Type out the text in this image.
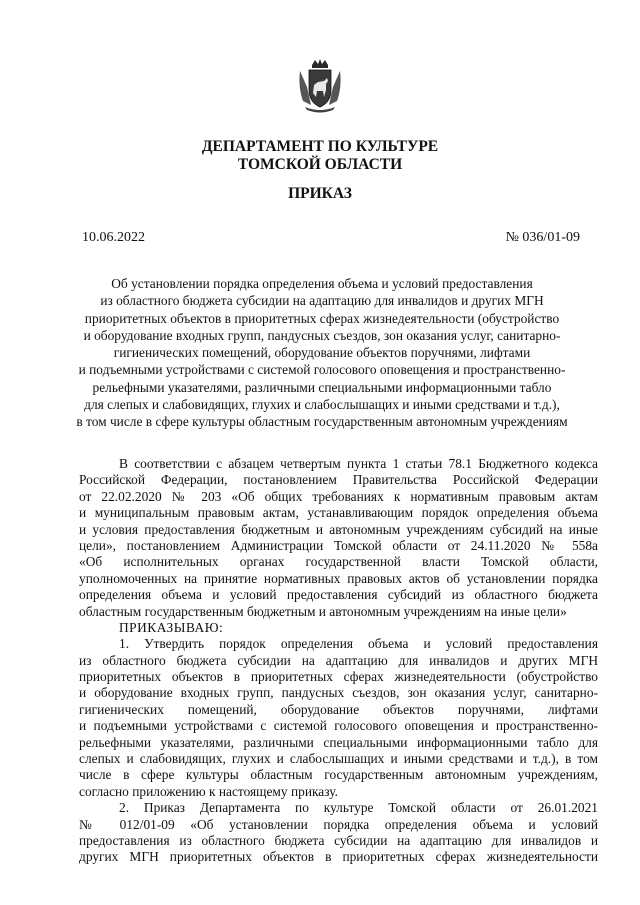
ДЕПАРТАМЕНТ ПО КУЛЬТУРЕ
ТОМСКОЙ ОБЛАСТИ
ПРИКАЗ
10.06.2022	№ 036/01-09
Об установлении порядка определения объема и условий предоставления
из областного бюджета субсидии на адаптацию для инвалидов и других МГН
приоритетных объектов в приоритетных сферах жизнедеятельности (обустройство
и оборудование входных групп, пандусных съездов, зон оказания услуг, санитарно-
гигиенических помещений, оборудование объектов поручнями, лифтами
и подъемными устройствами с системой голосового оповещения и пространственно-
рельефными указателями, различными специальными информационными табло
для слепых и слабовидящих, глухих и слабослышащих и иными средствами и т.д.),
в том числе в сфере культуры областным государственным автономным учреждениям
В соответствии с абзацем четвертым пункта 1 статьи 78.1 Бюджетного кодекса
Российской Федерации, постановлением Правительства Российской Федерации
от 22.02.2020 № 203 «Об общих требованиях к нормативным правовым актам
и муниципальным правовым актам, устанавливающим порядок определения объема
и условия предоставления бюджетным и автономным учреждениям субсидий на иные
цели», постановлением Администрации Томской области от 24.11.2020 № 558а
«Об исполнительных органах государственной власти Томской области,
уполномоченных на принятие нормативных правовых актов об установлении порядка
определения объема и условий предоставления субсидий из областного бюджета
областным государственным бюджетным и автономным учреждениям на иные цели»
ПРИКАЗЫВАЮ:
1. Утвердить порядок определения объема и условий предоставления
из областного бюджета субсидии на адаптацию для инвалидов и других МГН
приоритетных объектов в приоритетных сферах жизнедеятельности (обустройство
и оборудование входных групп, пандусных съездов, зон оказания услуг, санитарно-
гигиенических помещений, оборудование объектов поручнями, лифтами
и подъемными устройствами с системой голосового оповещения и пространственно-
рельефными указателями, различными специальными информационными табло для
слепых и слабовидящих, глухих и слабослышащих и иными средствами и т.д.), в том
числе в сфере культуры областным государственным автономным учреждениям,
согласно приложению к настоящему приказу.
2. Приказ Департамента по культуре Томской области от 26.01.2021
№ 012/01-09 «Об установлении порядка определения объема и условий
предоставления из областного бюджета субсидии на адаптацию для инвалидов и
других МГН приоритетных объектов в приоритетных сферах жизнедеятельности
